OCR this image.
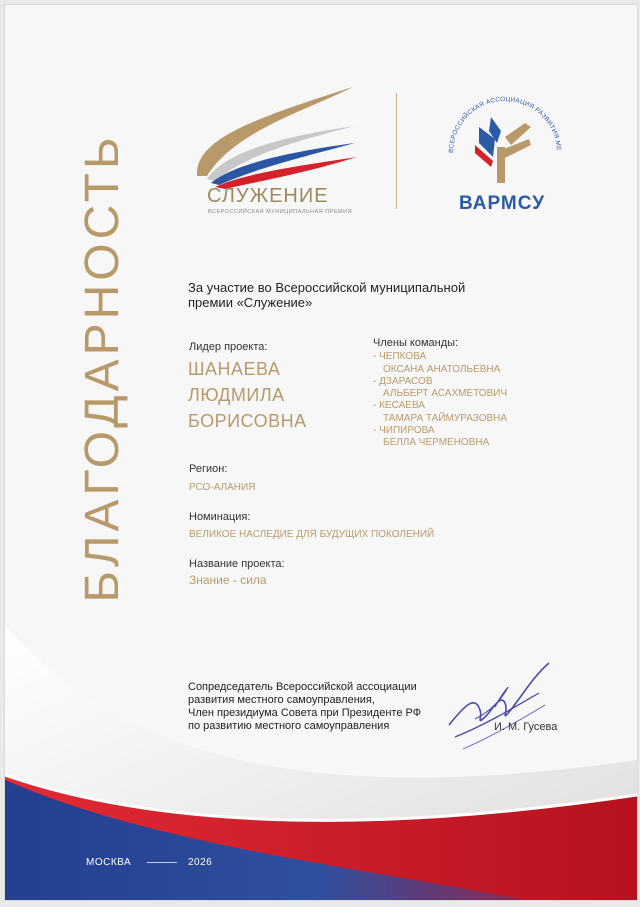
БЛАГОДАРНОСТЬ	СЛУЖЕНИЕ
ВСЕРОССИЙСКАЯ МУНИЦИПАЛЬНАЯ ПРЕМИЯ
ВСЕРОССИЙСКАЯ АССОЦИАЦИЯ РАЗВИТИЯ МЕ
ВАРМСУ
За участие во Всероссийской муниципальной
премии «Служение»
Лидер проекта:
ШАНАЕВА
ЛЮДМИЛА
БОРИСОВНА
Члены команды:
- ЧЕПКОВА
ОКСАНА АНАТОЛЬЕВНА
- ДЗАРАСОВ
АЛЬБЕРТ АСАХМЕТОВИЧ
- КЕСАЕВА
ТАМАРА ТАЙМУРАЗОВНА
- ЧИПИРОВА
БЕЛЛА ЧЕРМЕНОВНА
Регион:
РСО-АЛАНИЯ
Номинация:
ВЕЛИКОЕ НАСЛЕДИЕ ДЛЯ БУДУЩИХ ПОКОЛЕНИЙ
Название проекта:
Знание - сила
Сопредседатель Всероссийской ассоциации
развития местного самоуправления,
Член президиума Совета при Президенте РФ
по развитию местного самоуправления	И. М. Гусева
МОСКВА	2026
